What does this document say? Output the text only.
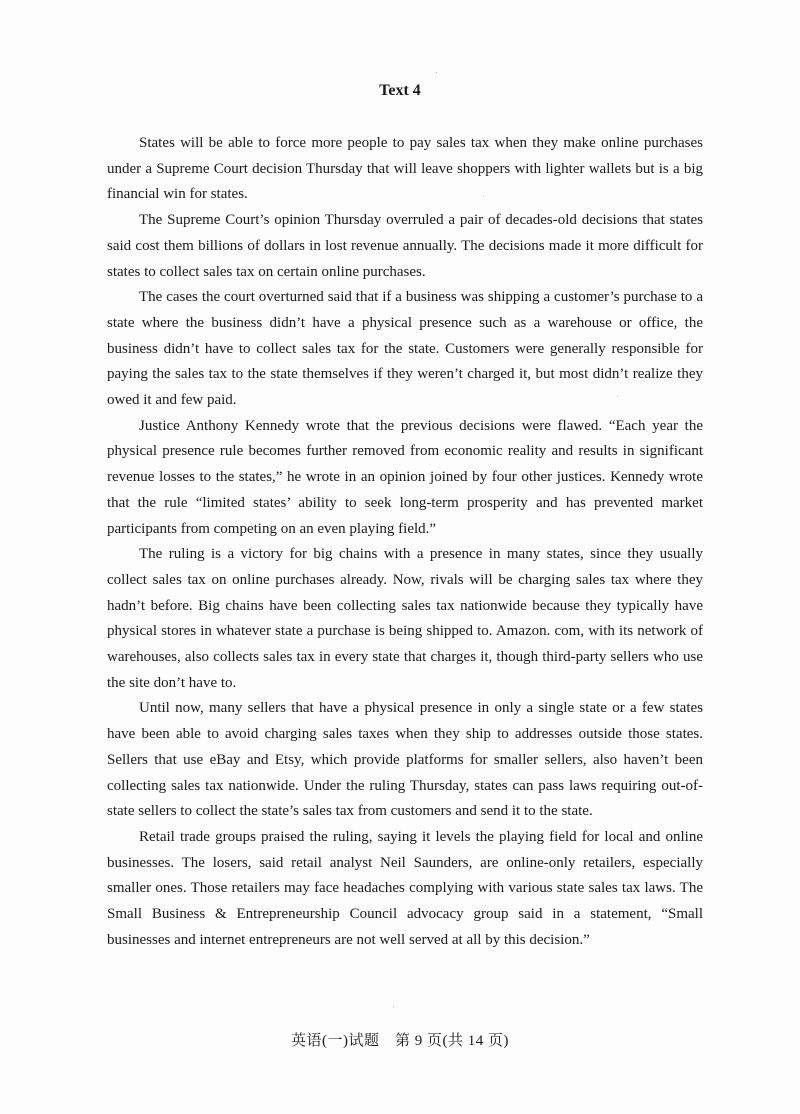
Text 4

States will be able to force more people to pay sales tax when they make online purchases under a Supreme Court decision Thursday that will leave shoppers with lighter wallets but is a big financial win for states.

The Supreme Court’s opinion Thursday overruled a pair of decades-old decisions that states said cost them billions of dollars in lost revenue annually. The decisions made it more difficult for states to collect sales tax on certain online purchases.

The cases the court overturned said that if a business was shipping a customer’s purchase to a state where the business didn’t have a physical presence such as a warehouse or office, the business didn’t have to collect sales tax for the state. Customers were generally responsible for paying the sales tax to the state themselves if they weren’t charged it, but most didn’t realize they owed it and few paid.

Justice Anthony Kennedy wrote that the previous decisions were flawed. “Each year the physical presence rule becomes further removed from economic reality and results in significant revenue losses to the states,” he wrote in an opinion joined by four other justices. Kennedy wrote that the rule “limited states’ ability to seek long-term prosperity and has prevented market participants from competing on an even playing field.”

The ruling is a victory for big chains with a presence in many states, since they usually collect sales tax on online purchases already. Now, rivals will be charging sales tax where they hadn’t before. Big chains have been collecting sales tax nationwide because they typically have physical stores in whatever state a purchase is being shipped to. Amazon. com, with its network of warehouses, also collects sales tax in every state that charges it, though third-party sellers who use the site don’t have to.

Until now, many sellers that have a physical presence in only a single state or a few states have been able to avoid charging sales taxes when they ship to addresses outside those states. Sellers that use eBay and Etsy, which provide platforms for smaller sellers, also haven’t been collecting sales tax nationwide. Under the ruling Thursday, states can pass laws requiring out-of-state sellers to collect the state’s sales tax from customers and send it to the state.

Retail trade groups praised the ruling, saying it levels the playing field for local and online businesses. The losers, said retail analyst Neil Saunders, are online-only retailers, especially smaller ones. Those retailers may face headaches complying with various state sales tax laws. The Small Business & Entrepreneurship Council advocacy group said in a statement, “Small businesses and internet entrepreneurs are not well served at all by this decision.”

英语(一)试题　第 9 页(共 14 页)
